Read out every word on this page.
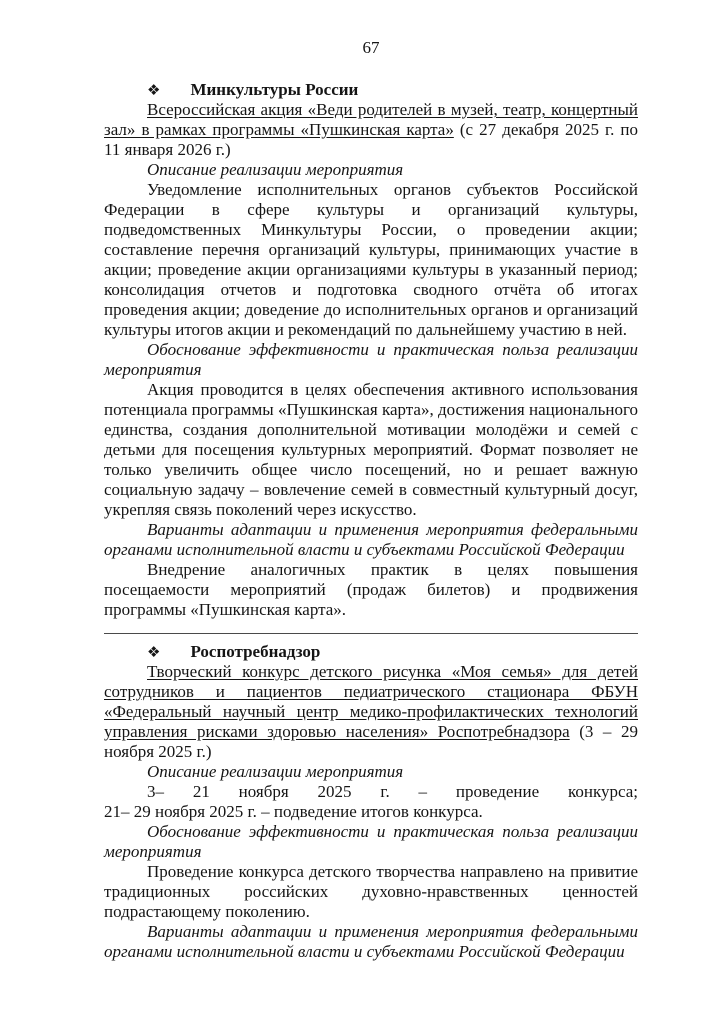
67
❖ Минкультуры России

Всероссийская акция «Веди родителей в музей, театр, концертный зал» в рамках программы «Пушкинская карта» (с 27 декабря 2025 г. по 11 января 2026 г.)

Описание реализации мероприятия

Уведомление исполнительных органов субъектов Российской Федерации в сфере культуры и организаций культуры, подведомственных Минкультуры России, о проведении акции; составление перечня организаций культуры, принимающих участие в акции; проведение акции организациями культуры в указанный период; консолидация отчетов и подготовка сводного отчёта об итогах проведения акции; доведение до исполнительных органов и организаций культуры итогов акции и рекомендаций по дальнейшему участию в ней.

Обоснование эффективности и практическая польза реализации мероприятия

Акция проводится в целях обеспечения активного использования потенциала программы «Пушкинская карта», достижения национального единства, создания дополнительной мотивации молодёжи и семей с детьми для посещения культурных мероприятий. Формат позволяет не только увеличить общее число посещений, но и решает важную социальную задачу – вовлечение семей в совместный культурный досуг, укрепляя связь поколений через искусство.

Варианты адаптации и применения мероприятия федеральными органами исполнительной власти и субъектами Российской Федерации

Внедрение аналогичных практик в целях повышения посещаемости мероприятий (продаж билетов) и продвижения программы «Пушкинская карта».

❖ Роспотребнадзор

Творческий конкурс детского рисунка «Моя семья» для детей сотрудников и пациентов педиатрического стационара ФБУН «Федеральный научный центр медико-профилактических технологий управления рисками здоровью населения» Роспотребнадзора (3 – 29 ноября 2025 г.)

Описание реализации мероприятия

3– 21 ноября 2025 г. – проведение конкурса;

21– 29 ноября 2025 г. – подведение итогов конкурса.

Обоснование эффективности и практическая польза реализации мероприятия

Проведение конкурса детского творчества направлено на привитие традиционных российских духовно-нравственных ценностей подрастающему поколению.

Варианты адаптации и применения мероприятия федеральными органами исполнительной власти и субъектами Российской Федерации
